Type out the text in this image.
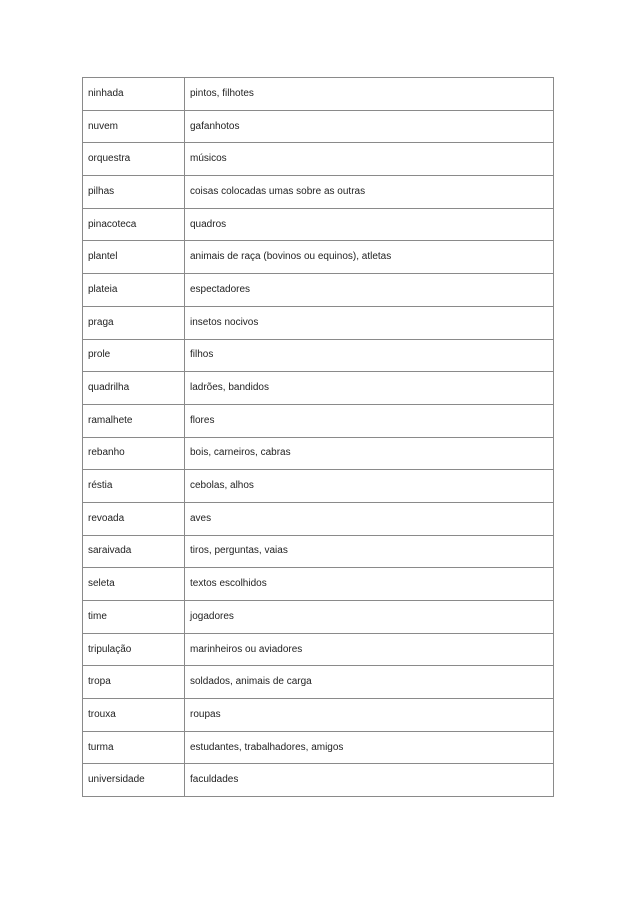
ninhada	pintos, filhotes
nuvem	gafanhotos
orquestra	músicos
pilhas	coisas colocadas umas sobre as outras
pinacoteca	quadros
plantel	animais de raça (bovinos ou equinos), atletas
plateia	espectadores
praga	insetos nocivos
prole	filhos
quadrilha	ladrões, bandidos
ramalhete	flores
rebanho	bois, carneiros, cabras
réstia	cebolas, alhos
revoada	aves
saraivada	tiros, perguntas, vaias
seleta	textos escolhidos
time	jogadores
tripulação	marinheiros ou aviadores
tropa	soldados, animais de carga
trouxa	roupas
turma	estudantes, trabalhadores, amigos
universidade	faculdades
